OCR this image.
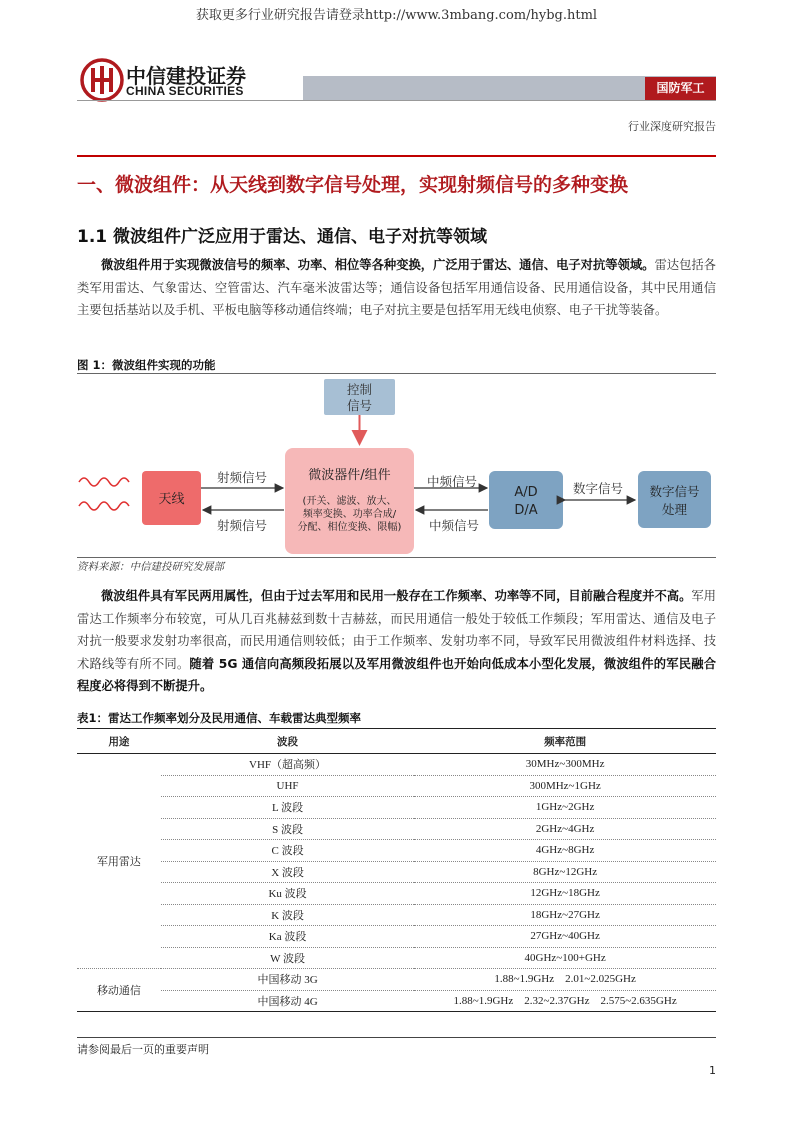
获取更多行业研究报告请登录http://www.3mbang.com/hybg.html
中信建投证券
CHINA SECURITIES	国防军工
行业深度研究报告
一、微波组件：从天线到数字信号处理，实现射频信号的多种变换
1.1 微波组件广泛应用于雷达、通信、电子对抗等领域
微波组件用于实现微波信号的频率、功率、相位等各种变换，广泛用于雷达、通信、电子对抗等领域。雷达包括各类军用雷达、气象雷达、空管雷达、汽车毫米波雷达等；通信设备包括军用通信设备、民用通信设备，其中民用通信主要包括基站以及手机、平板电脑等移动通信终端；电子对抗主要是包括军用无线电侦察、电子干扰等装备。
图 1：微波组件实现的功能
控制
信号
天线
微波器件/组件
(开关、滤波、放大、
频率变换、功率合成/
分配、相位变换、限幅)
射频信号
射频信号
中频信号
中频信号
A/D
D/A
数字信号 数字信号
处理
资料来源：中信建投研究发展部
微波组件具有军民两用属性，但由于过去军用和民用一般存在工作频率、功率等不同，目前融合程度并不高。军用雷达工作频率分布较宽，可从几百兆赫兹到数十吉赫兹，而民用通信一般处于较低工作频段；军用雷达、通信及电子对抗一般要求发射功率很高，而民用通信则较低；由于工作频率、发射功率不同，导致军民用微波组件材料选择、技术路线等有所不同。随着 5G 通信向高频段拓展以及军用微波组件也开始向低成本小型化发展，微波组件的军民融合程度必将得到不断提升。
表1：雷达工作频率划分及民用通信、车载雷达典型频率
用途	波段	频率范围
军用雷达	VHF（超高频）	30MHz~300MHz
	UHF	300MHz~1GHz
	L 波段	1GHz~2GHz
	S 波段	2GHz~4GHz
	C 波段	4GHz~8GHz
	X 波段	8GHz~12GHz
	Ku 波段	12GHz~18GHz
	K 波段	18GHz~27GHz
	Ka 波段	27GHz~40GHz
	W 波段	40GHz~100+GHz
移动通信	中国移动 3G	1.88~1.9GHz    2.01~2.025GHz
	中国移动 4G	1.88~1.9GHz    2.32~2.37GHz    2.575~2.635GHz
请参阅最后一页的重要声明
1
